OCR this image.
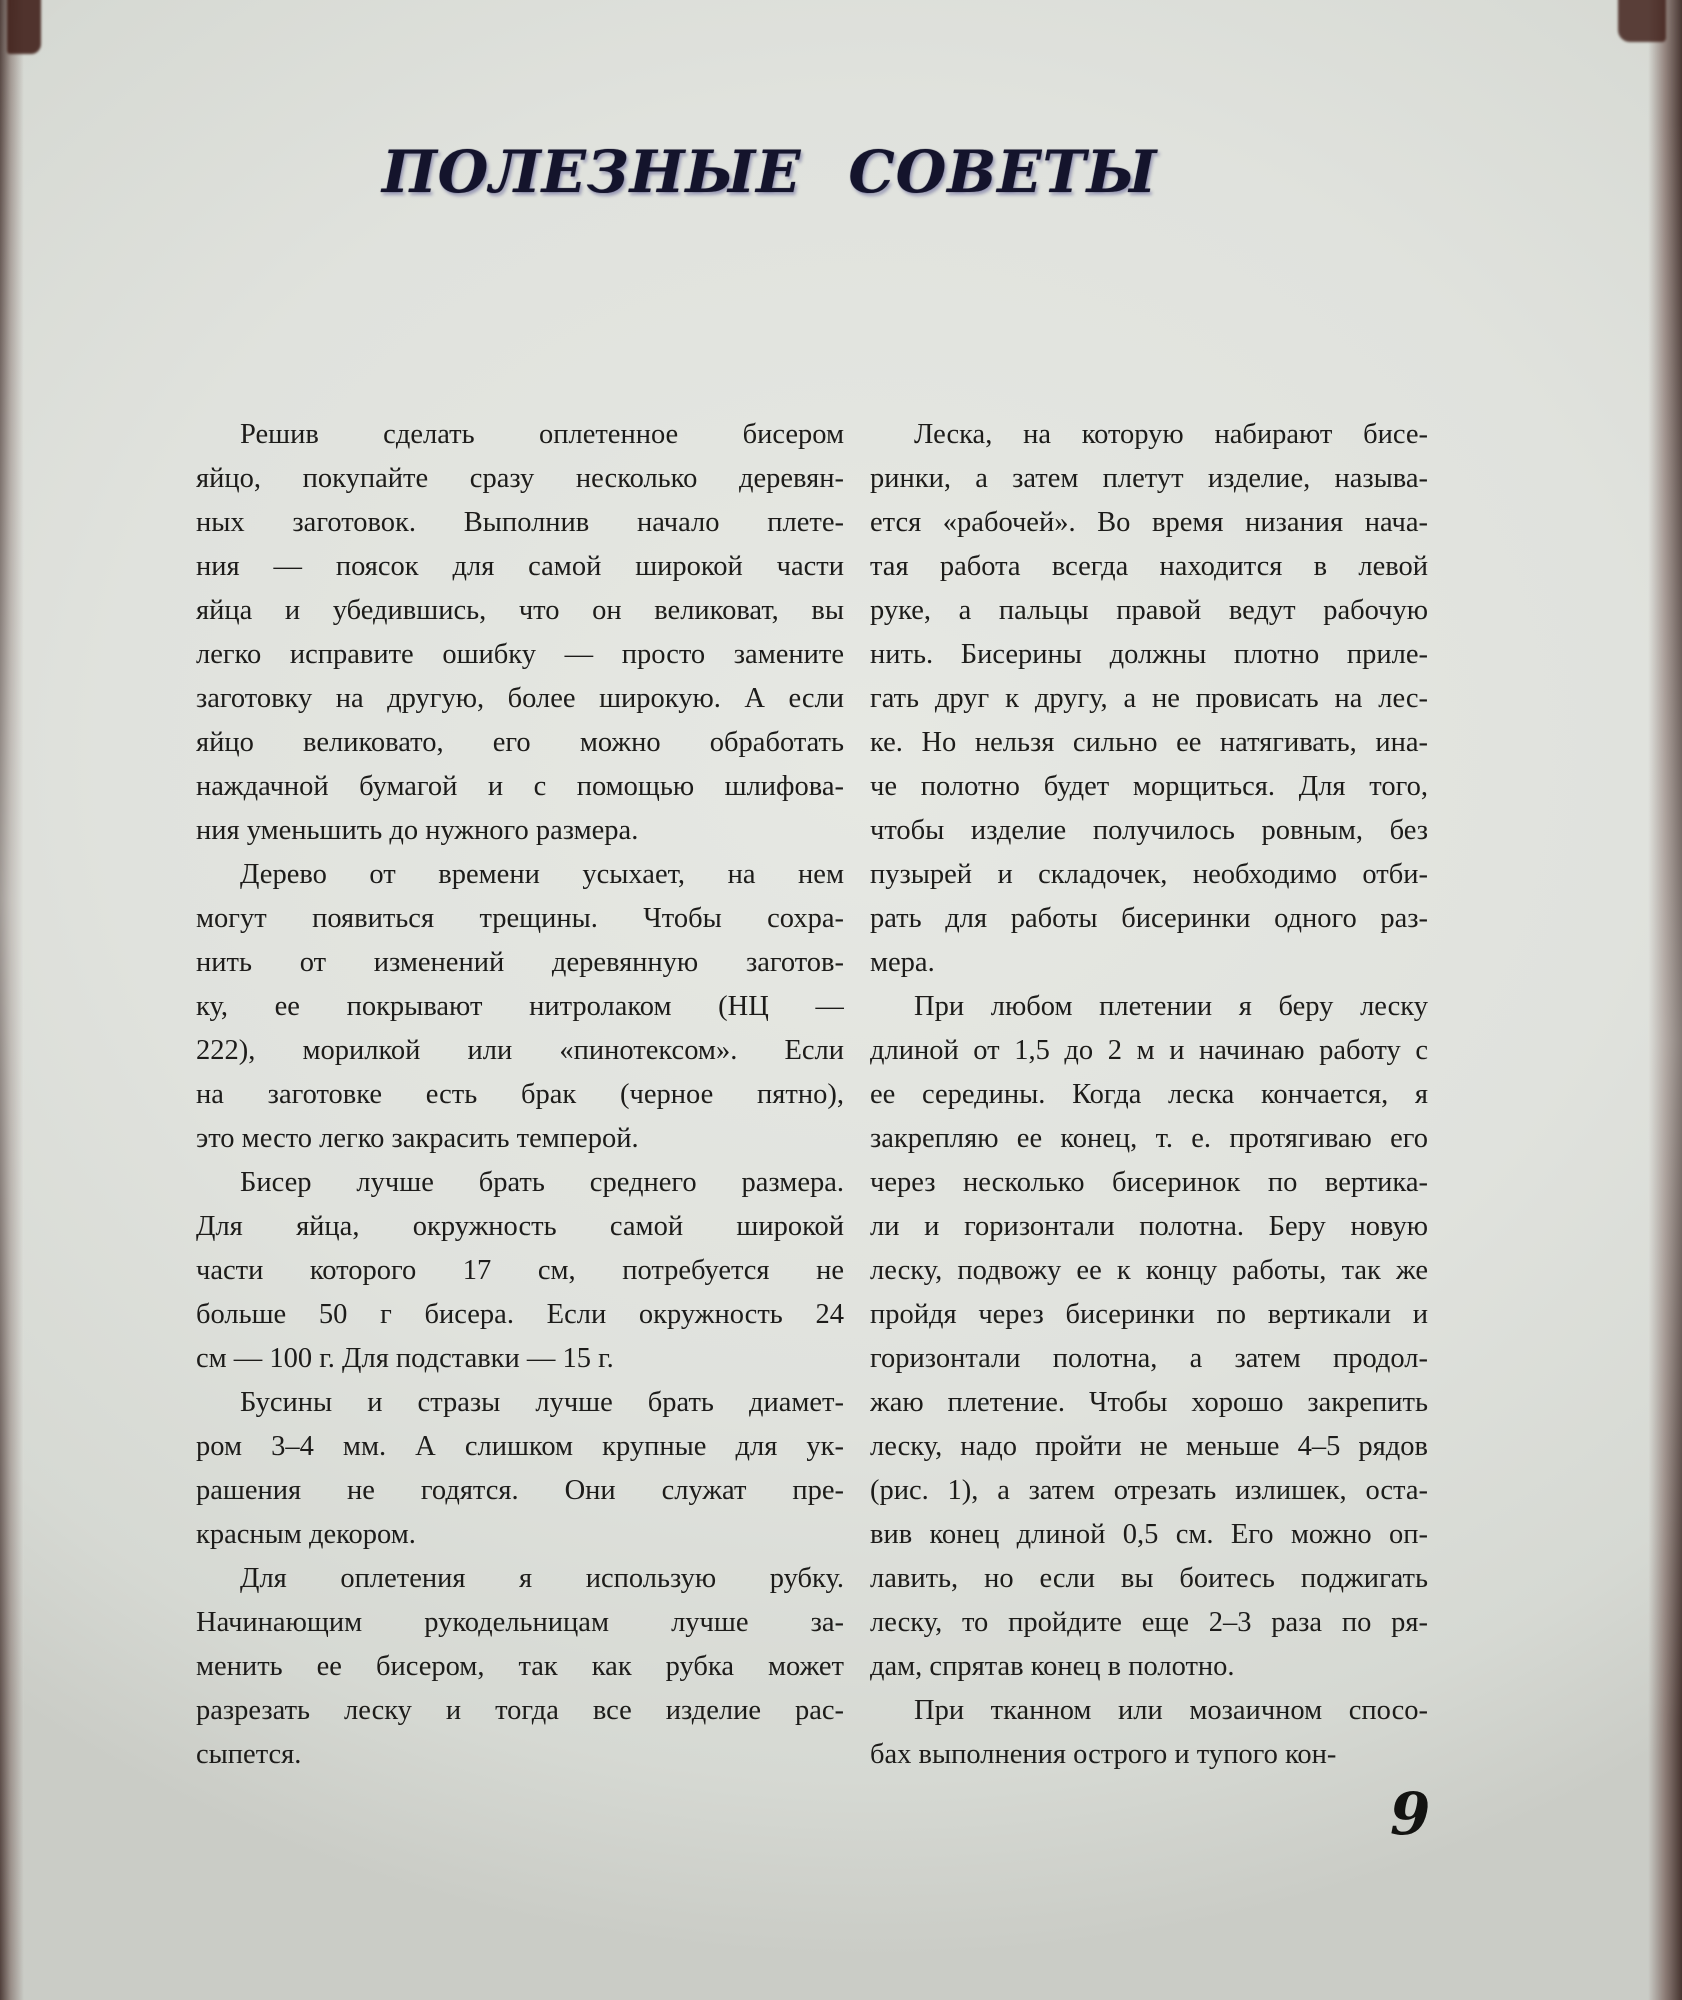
ПОЛЕЗНЫЕ СОВЕТЫ
Решив сделать оплетенное бисером
яйцо, покупайте сразу несколько деревян-
ных заготовок. Выполнив начало плете-
ния — поясок для самой широкой части
яйца и убедившись, что он великоват, вы
легко исправите ошибку — просто замените
заготовку на другую, более широкую. А если
яйцо великовато, его можно обработать
наждачной бумагой и с помощью шлифова-
ния уменьшить до нужного размера.
Дерево от времени усыхает, на нем
могут появиться трещины. Чтобы сохра-
нить от изменений деревянную заготов-
ку, ее покрывают нитролаком (НЦ —
222), морилкой или «пинотексом». Если
на заготовке есть брак (черное пятно),
это место легко закрасить темперой.
Бисер лучше брать среднего размера.
Для яйца, окружность самой широкой
части которого 17 см, потребуется не
больше 50 г бисера. Если окружность 24
см — 100 г. Для подставки — 15 г.
Бусины и стразы лучше брать диамет-
ром 3–4 мм. А слишком крупные для ук-
рашения не годятся. Они служат пре-
красным декором.
Для оплетения я использую рубку.
Начинающим рукодельницам лучше за-
менить ее бисером, так как рубка может
разрезать леску и тогда все изделие рас-
сыпется.
Леска, на которую набирают бисе-
ринки, а затем плетут изделие, называ-
ется «рабочей». Во время низания нача-
тая работа всегда находится в левой
руке, а пальцы правой ведут рабочую
нить. Бисерины должны плотно приле-
гать друг к другу, а не провисать на лес-
ке. Но нельзя сильно ее натягивать, ина-
че полотно будет морщиться. Для того,
чтобы изделие получилось ровным, без
пузырей и складочек, необходимо отби-
рать для работы бисеринки одного раз-
мера.
При любом плетении я беру леску
длиной от 1,5 до 2 м и начинаю работу с
ее середины. Когда леска кончается, я
закрепляю ее конец, т. е. протягиваю его
через несколько бисеринок по вертика-
ли и горизонтали полотна. Беру новую
леску, подвожу ее к концу работы, так же
пройдя через бисеринки по вертикали и
горизонтали полотна, а затем продол-
жаю плетение. Чтобы хорошо закрепить
леску, надо пройти не меньше 4–5 рядов
(рис. 1), а затем отрезать излишек, оста-
вив конец длиной 0,5 см. Его можно оп-
лавить, но если вы боитесь поджигать
леску, то пройдите еще 2–3 раза по ря-
дам, спрятав конец в полотно.
При тканном или мозаичном спосо-
бах выполнения острого и тупого кон-
9
